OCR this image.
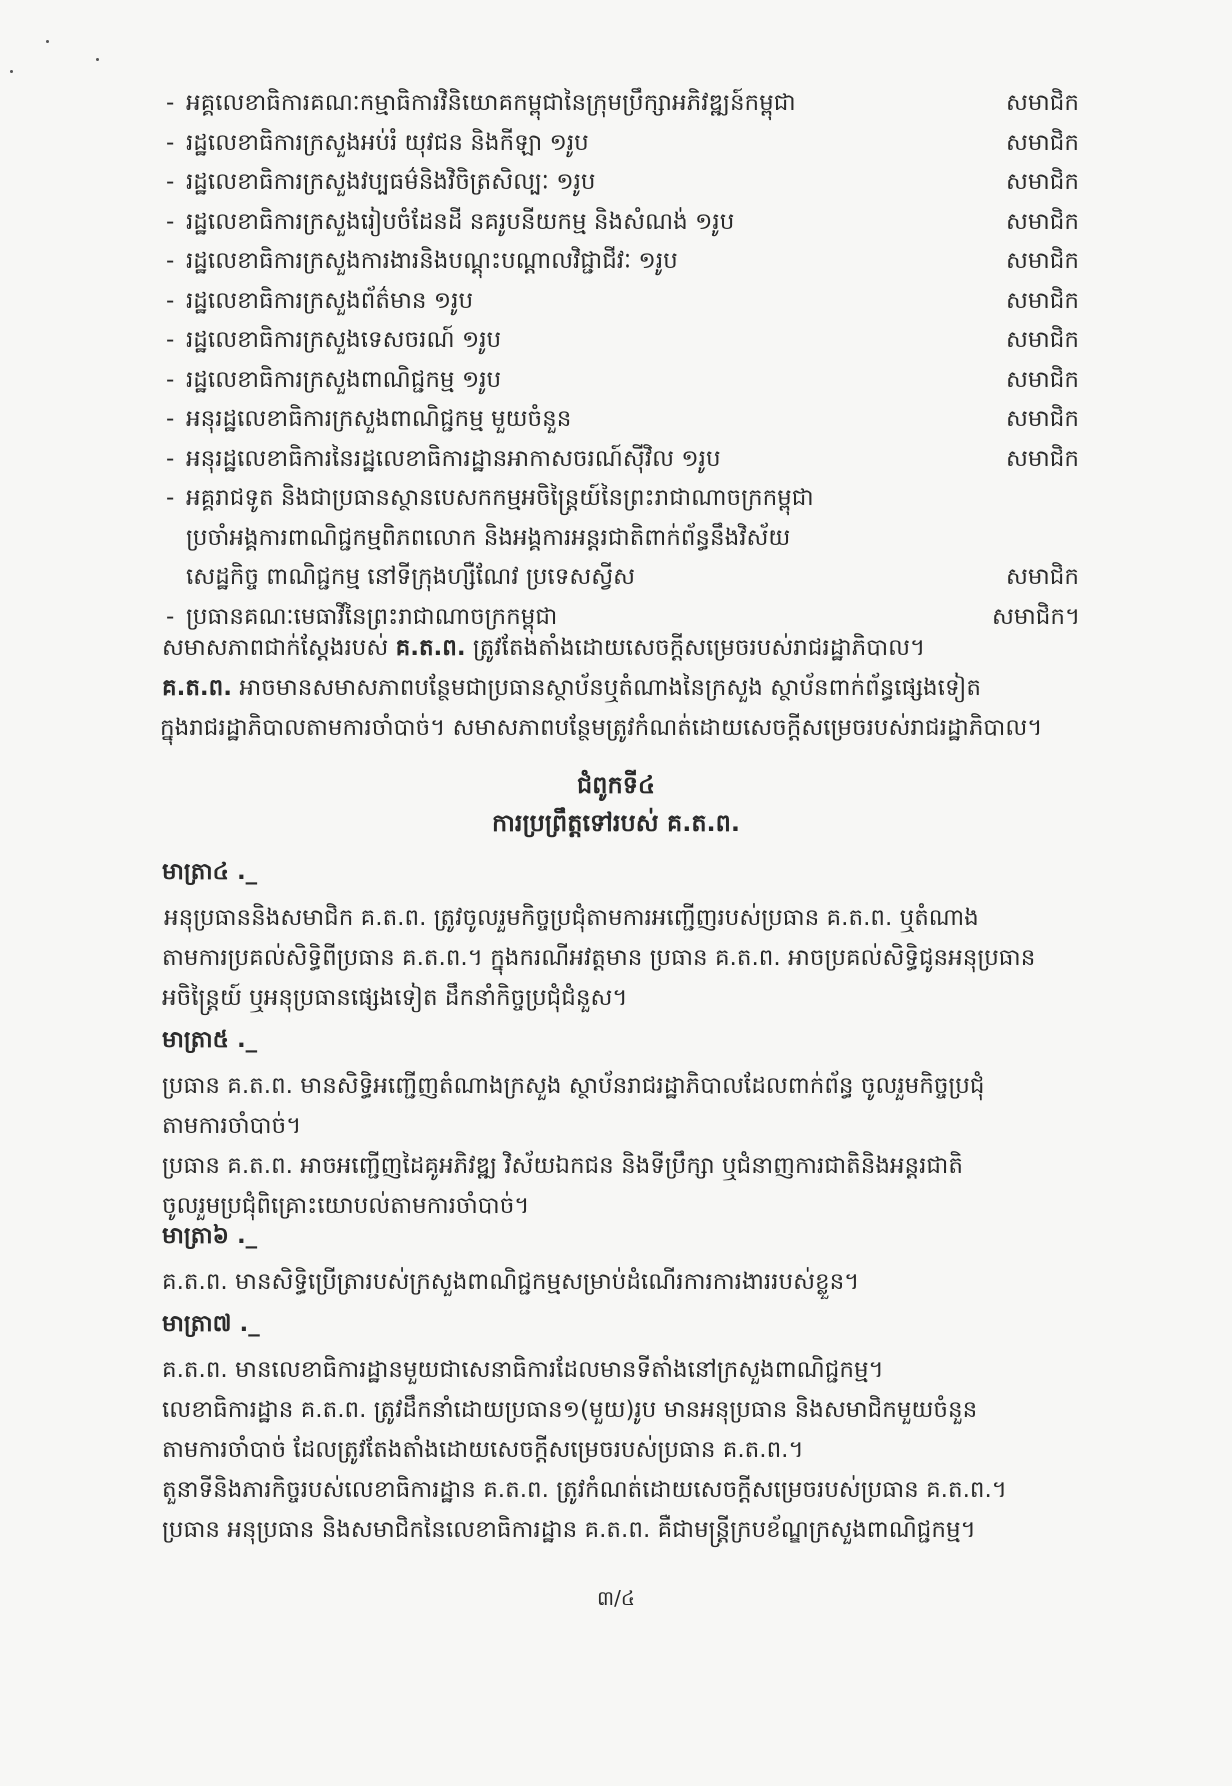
- អគ្គលេខាធិការគណៈកម្មាធិការវិនិយោគកម្ពុជានៃក្រុមប្រឹក្សាអភិវឌ្ឍន៍កម្ពុជា	សមាជិក
- រដ្ឋលេខាធិការក្រសួងអប់រំ យុវជន និងកីឡា ១រូប	សមាជិក
- រដ្ឋលេខាធិការក្រសួងវប្បធម៌និងវិចិត្រសិល្បៈ ១រូប	សមាជិក
- រដ្ឋលេខាធិការក្រសួងរៀបចំដែនដី នគរូបនីយកម្ម និងសំណង់ ១រូប	សមាជិក
- រដ្ឋលេខាធិការក្រសួងការងារនិងបណ្តុះបណ្តាលវិជ្ជាជីវៈ ១រូប	សមាជិក
- រដ្ឋលេខាធិការក្រសួងព័ត៌មាន ១រូប	សមាជិក
- រដ្ឋលេខាធិការក្រសួងទេសចរណ៍ ១រូប	សមាជិក
- រដ្ឋលេខាធិការក្រសួងពាណិជ្ជកម្ម ១រូប	សមាជិក
- អនុរដ្ឋលេខាធិការក្រសួងពាណិជ្ជកម្ម មួយចំនួន	សមាជិក
- អនុរដ្ឋលេខាធិការនៃរដ្ឋលេខាធិការដ្ឋានអាកាសចរណ៍ស៊ីវិល ១រូប	សមាជិក
- អគ្គរាជទូត និងជាប្រធានស្ថានបេសកកម្មអចិន្ត្រៃយ៍នៃព្រះរាជាណាចក្រកម្ពុជា
ប្រចាំអង្គការពាណិជ្ជកម្មពិភពលោក និងអង្គការអន្តរជាតិពាក់ព័ន្ធនឹងវិស័យ
សេដ្ឋកិច្ច ពាណិជ្ជកម្ម នៅទីក្រុងហ្សឺណែវ ប្រទេសស្វីស	សមាជិក
- ប្រធានគណៈមេធាវីនៃព្រះរាជាណាចក្រកម្ពុជា	សមាជិក។
សមាសភាពជាក់ស្តែងរបស់ គ.ត.ព. ត្រូវតែងតាំងដោយសេចក្តីសម្រេចរបស់រាជរដ្ឋាភិបាល។
គ.ត.ព. អាចមានសមាសភាពបន្ថែមជាប្រធានស្ថាប័នឬតំណាងនៃក្រសួង ស្ថាប័នពាក់ព័ន្ធផ្សេងទៀត
ក្នុងរាជរដ្ឋាភិបាលតាមការចាំបាច់។ សមាសភាពបន្ថែមត្រូវកំណត់ដោយសេចក្តីសម្រេចរបស់រាជរដ្ឋាភិបាល។
ជំពូកទី៤
ការប្រព្រឹត្តទៅរបស់ គ.ត.ព.
មាត្រា៤ ._
អនុប្រធាននិងសមាជិក គ.ត.ព. ត្រូវចូលរួមកិច្ចប្រជុំតាមការអញ្ជើញរបស់ប្រធាន គ.ត.ព. ឬតំណាង
តាមការប្រគល់សិទ្ធិពីប្រធាន គ.ត.ព.។ ក្នុងករណីអវត្តមាន ប្រធាន គ.ត.ព. អាចប្រគល់សិទ្ធិជូនអនុប្រធាន
អចិន្ត្រៃយ៍ ឬអនុប្រធានផ្សេងទៀត ដឹកនាំកិច្ចប្រជុំជំនួស។
មាត្រា៥ ._
ប្រធាន គ.ត.ព. មានសិទ្ធិអញ្ជើញតំណាងក្រសួង ស្ថាប័នរាជរដ្ឋាភិបាលដែលពាក់ព័ន្ធ ចូលរួមកិច្ចប្រជុំ
តាមការចាំបាច់។
ប្រធាន គ.ត.ព. អាចអញ្ជើញដៃគូអភិវឌ្ឍ វិស័យឯកជន និងទីប្រឹក្សា ឬជំនាញការជាតិនិងអន្តរជាតិ
ចូលរួមប្រជុំពិគ្រោះយោបល់តាមការចាំបាច់។
មាត្រា៦ ._
គ.ត.ព. មានសិទ្ធិប្រើត្រារបស់ក្រសួងពាណិជ្ជកម្មសម្រាប់ដំណើរការការងាររបស់ខ្លួន។
មាត្រា៧ ._
គ.ត.ព. មានលេខាធិការដ្ឋានមួយជាសេនាធិការដែលមានទីតាំងនៅក្រសួងពាណិជ្ជកម្ម។
លេខាធិការដ្ឋាន គ.ត.ព. ត្រូវដឹកនាំដោយប្រធាន១(មួយ)រូប មានអនុប្រធាន និងសមាជិកមួយចំនួន
តាមការចាំបាច់ ដែលត្រូវតែងតាំងដោយសេចក្តីសម្រេចរបស់ប្រធាន គ.ត.ព.។
តួនាទីនិងភារកិច្ចរបស់លេខាធិការដ្ឋាន គ.ត.ព. ត្រូវកំណត់ដោយសេចក្តីសម្រេចរបស់ប្រធាន គ.ត.ព.។
ប្រធាន អនុប្រធាន និងសមាជិកនៃលេខាធិការដ្ឋាន គ.ត.ព. គឺជាមន្ត្រីក្របខ័ណ្ឌក្រសួងពាណិជ្ជកម្ម។
៣/៤
